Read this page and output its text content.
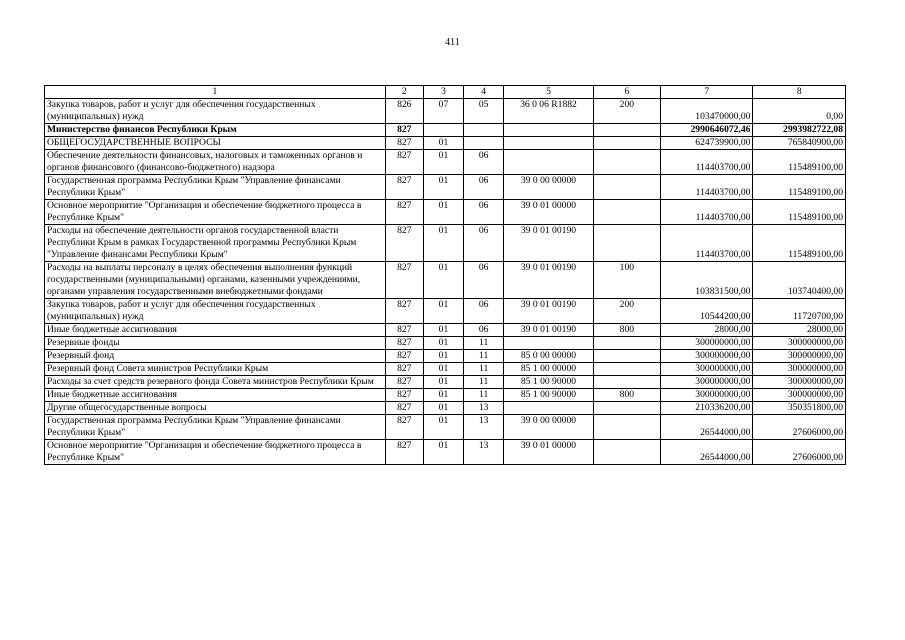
411
1	2	3	4	5	6	7	8
Закупка товаров, работ и услуг для обеспечения государственных (муниципальных) нужд	826	07	05	36 0 06 R1882	200	103470000,00	0,00
Министерство финансов Республики Крым	827					2990646072,46	2993982722,08
ОБЩЕГОСУДАРСТВЕННЫЕ ВОПРОСЫ	827	01				624739900,00	765840900,00
Обеспечение деятельности финансовых, налоговых и таможенных органов и органов финансового (финансово-бюджетного) надзора	827	01	06			114403700,00	115489100,00
Государственная программа Республики Крым "Управление финансами Республики Крым"	827	01	06	39 0 00 00000		114403700,00	115489100,00
Основное мероприятие "Организация и обеспечение бюджетного процесса в Республике Крым"	827	01	06	39 0 01 00000		114403700,00	115489100,00
Расходы на обеспечение деятельности органов государственной власти Республики Крым в рамках Государственной программы Республики Крым "Управление финансами Республики Крым"	827	01	06	39 0 01 00190		114403700,00	115489100,00
Расходы на выплаты персоналу в целях обеспечения выполнения функций государственными (муниципальными) органами, казенными учреждениями, органами управления государственными внебюджетными фондами	827	01	06	39 0 01 00190	100	103831500,00	103740400,00
Закупка товаров, работ и услуг для обеспечения государственных (муниципальных) нужд	827	01	06	39 0 01 00190	200	10544200,00	11720700,00
Иные бюджетные ассигнования	827	01	06	39 0 01 00190	800	28000,00	28000,00
Резервные фонды	827	01	11			300000000,00	300000000,00
Резервный фонд	827	01	11	85 0 00 00000		300000000,00	300000000,00
Резервный фонд Совета министров Республики Крым	827	01	11	85 1 00 00000		300000000,00	300000000,00
Расходы за счет средств резервного фонда Совета министров Республики Крым	827	01	11	85 1 00 90000		300000000,00	300000000,00
Иные бюджетные ассигнования	827	01	11	85 1 00 90000	800	300000000,00	300000000,00
Другие общегосударственные вопросы	827	01	13			210336200,00	350351800,00
Государственная программа Республики Крым "Управление финансами Республики Крым"	827	01	13	39 0 00 00000		26544000,00	27606000,00
Основное мероприятие "Организация и обеспечение бюджетного процесса в Республике Крым"	827	01	13	39 0 01 00000		26544000,00	27606000,00
